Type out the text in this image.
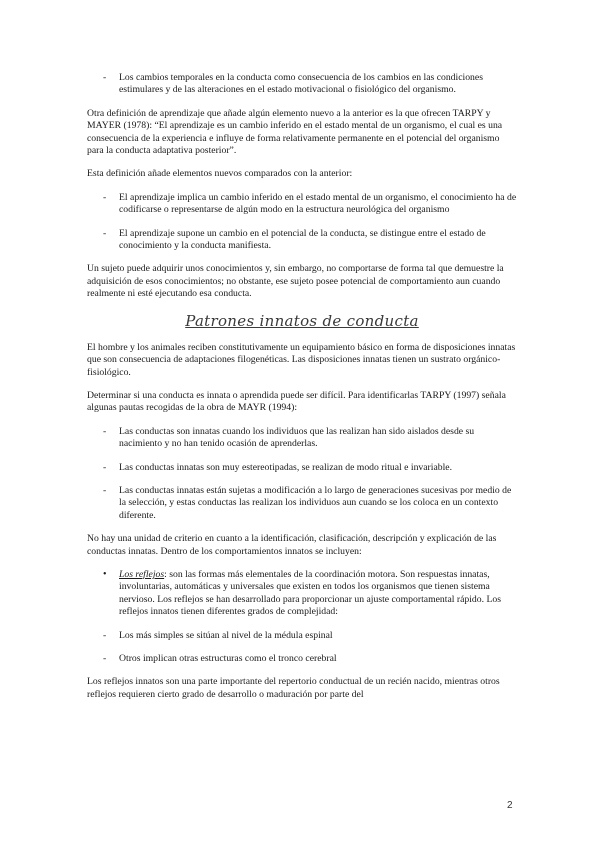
- Los cambios temporales en la conducta como consecuencia de los cambios en las condiciones estimulares y de las alteraciones en el estado motivacional o fisiológico del organismo.

Otra definición de aprendizaje que añade algún elemento nuevo a la anterior es la que ofrecen TARPY y MAYER (1978): “El aprendizaje es un cambio inferido en el estado mental de un organismo, el cual es una consecuencia de la experiencia e influye de forma relativamente permanente en el potencial del organismo para la conducta adaptativa posterior”.

Esta definición añade elementos nuevos comparados con la anterior:

- El aprendizaje implica un cambio inferido en el estado mental de un organismo, el conocimiento ha de codificarse o representarse de algún modo en la estructura neurológica del organismo
- El aprendizaje supone un cambio en el potencial de la conducta, se distingue entre el estado de conocimiento y la conducta manifiesta.

Un sujeto puede adquirir unos conocimientos y, sin embargo, no comportarse de forma tal que demuestre la adquisición de esos conocimientos; no obstante, ese sujeto posee potencial de comportamiento aun cuando realmente ni esté ejecutando esa conducta.

Patrones innatos de conducta

El hombre y los animales reciben constitutivamente un equipamiento básico en forma de disposiciones innatas que son consecuencia de adaptaciones filogenéticas. Las disposiciones innatas tienen un sustrato orgánico-fisiológico.

Determinar si una conducta es innata o aprendida puede ser difícil. Para identificarlas TARPY (1997) señala algunas pautas recogidas de la obra de MAYR (1994):

- Las conductas son innatas cuando los individuos que las realizan han sido aislados desde su nacimiento y no han tenido ocasión de aprenderlas.
- Las conductas innatas son muy estereotipadas, se realizan de modo ritual e invariable.
- Las conductas innatas están sujetas a modificación a lo largo de generaciones sucesivas por medio de la selección, y estas conductas las realizan los individuos aun cuando se los coloca en un contexto diferente.

No hay una unidad de criterio en cuanto a la identificación, clasificación, descripción y explicación de las conductas innatas. Dentro de los comportamientos innatos se incluyen:

• Los reflejos: son las formas más elementales de la coordinación motora. Son respuestas innatas, involuntarias, automáticas y universales que existen en todos los organismos que tienen sistema nervioso. Los reflejos se han desarrollado para proporcionar un ajuste comportamental rápido. Los reflejos innatos tienen diferentes grados de complejidad:
- Los más simples se sitúan al nivel de la médula espinal
- Otros implican otras estructuras como el tronco cerebral

Los reflejos innatos son una parte importante del repertorio conductual de un recién nacido, mientras otros reflejos requieren cierto grado de desarrollo o maduración por parte del

2
